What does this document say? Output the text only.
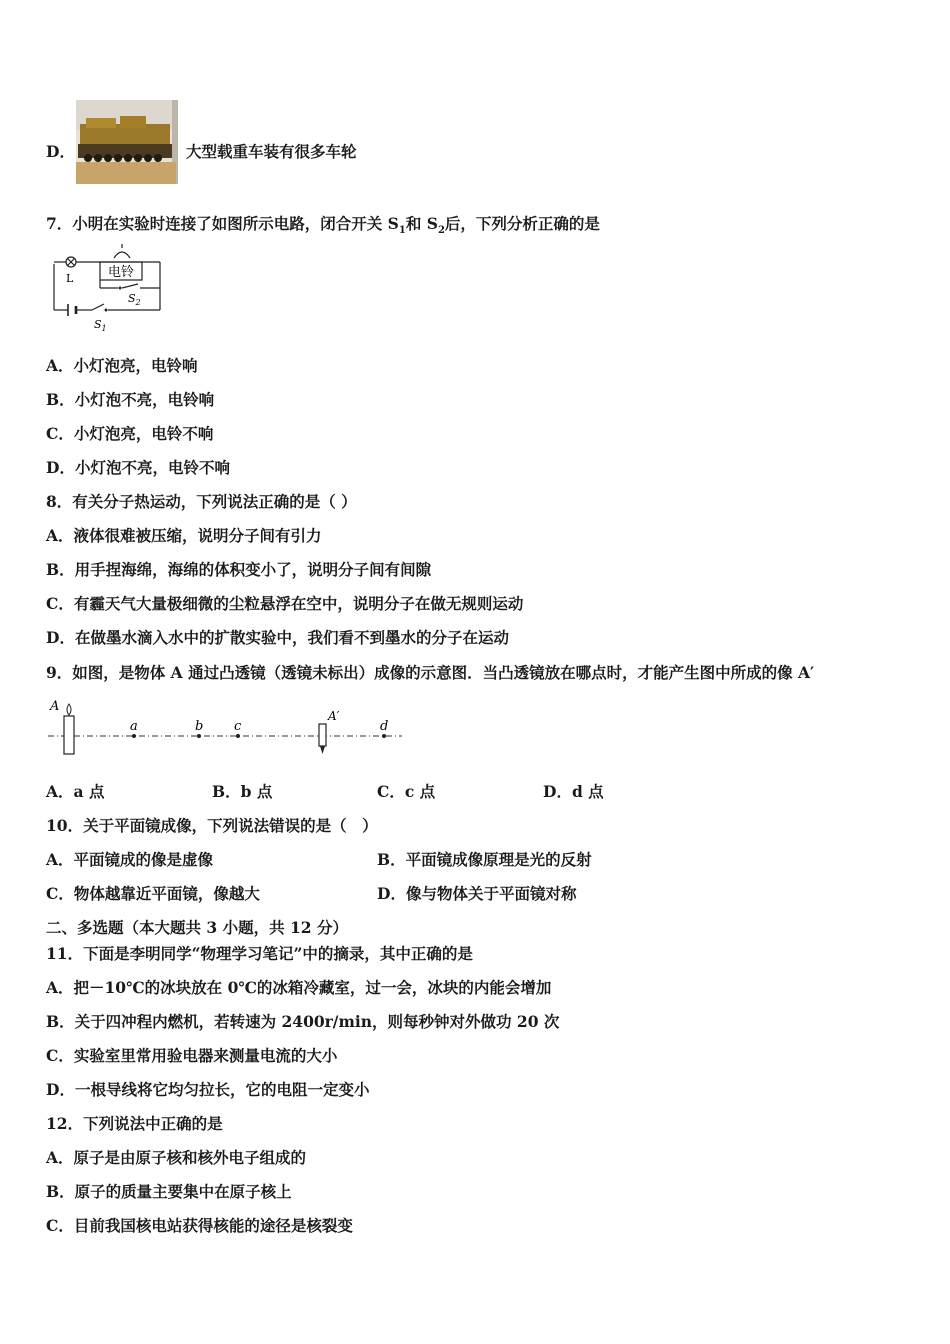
D．	大型载重车装有很多车轮
7．小明在实验时连接了如图所示电路，闭合开关 $S_1$和 $S_2$后，下列分析正确的是
L	电铃
$S_2$
$S_1$
A．小灯泡亮，电铃响
B．小灯泡不亮，电铃响
C．小灯泡亮，电铃不响
D．小灯泡不亮，电铃不响
8．有关分子热运动，下列说法正确的是（ ）
A．液体很难被压缩，说明分子间有引力
B．用手捏海绵，海绵的体积变小了，说明分子间有间隙
C．有霾天气大量极细微的尘粒悬浮在空中，说明分子在做无规则运动
D．在做墨水滴入水中的扩散实验中，我们看不到墨水的分子在运动
9．如图，是物体 A 通过凸透镜（透镜未标出）成像的示意图．当凸透镜放在哪点时，才能产生图中所成的像 A′
A
a	b c
A′
d
A．a 点	B．b 点	C．c 点	D．d 点
10．关于平面镜成像，下列说法错误的是（　）
A．平面镜成的像是虚像	B．平面镜成像原理是光的反射
C．物体越靠近平面镜，像越大	D．像与物体关于平面镜对称
二、多选题（本大题共 3 小题，共 12 分）
11．下面是李明同学“物理学习笔记”中的摘录，其中正确的是
A．把－10℃的冰块放在 0℃的冰箱冷藏室，过一会，冰块的内能会增加
B．关于四冲程内燃机，若转速为 2400r/min，则每秒钟对外做功 20 次
C．实验室里常用验电器来测量电流的大小
D．一根导线将它均匀拉长，它的电阻一定变小
12．下列说法中正确的是
A．原子是由原子核和核外电子组成的
B．原子的质量主要集中在原子核上
C．目前我国核电站获得核能的途径是核裂变
